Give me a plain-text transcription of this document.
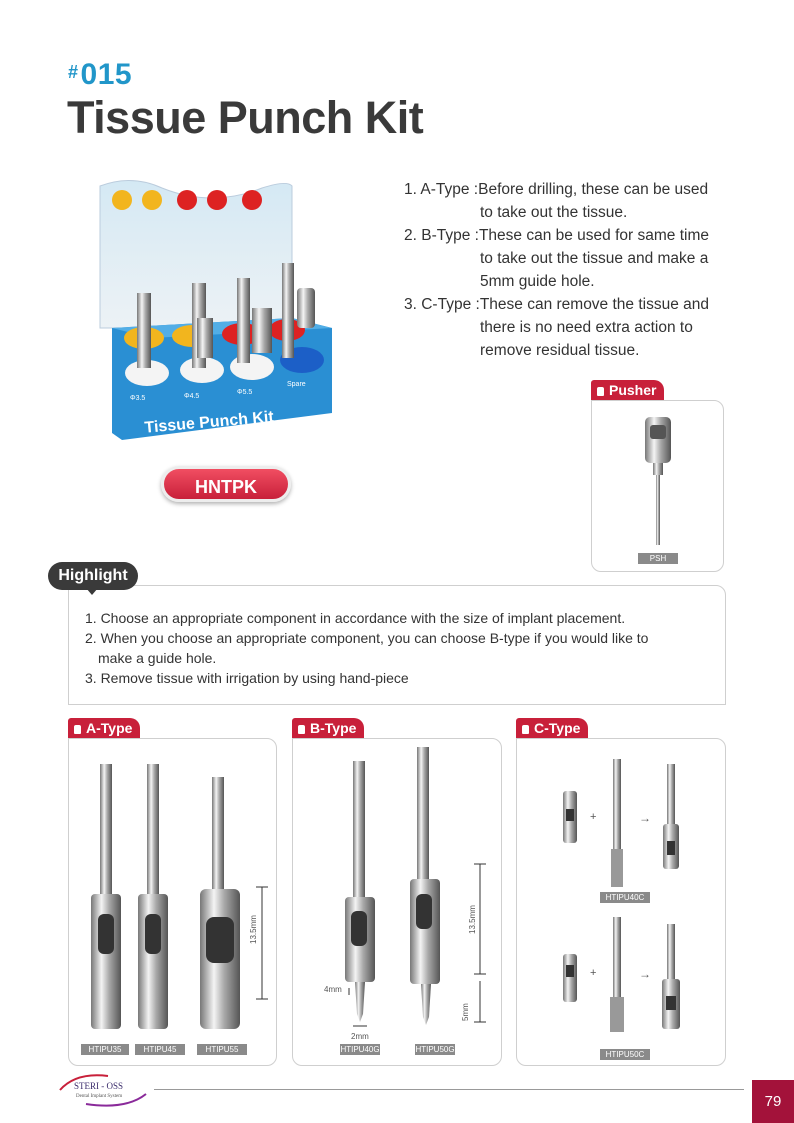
#015
Tissue Punch Kit
Tissue Punch Kit
Φ3.5	Φ4.5
Φ5.5
Spare
HNTPK
1. A-Type : Before drilling, these can be used
to take out the tissue.
2. B-Type : These can be used for same time
to take out the tissue and make a
5mm guide hole.
3. C-Type : These can remove the tissue and
there is no need extra action to
remove residual tissue.
Pusher
PSH
1. Choose an appropriate component in accordance with the size of implant placement.
2. When you choose an appropriate component, you can choose B-type if you would like to
make a guide hole.
3. Remove tissue with irrigation by using hand-piece
Highlight
A-Type
13.5mm
HTIPU35	HTIPU45	HTIPU55
B-Type
13.5mm
5mm
4mm
2mm
HTIPU40G	HTIPU50G
C-Type
+	→
+	→
HTIPU40C
HTIPU50C
STERI - OSS
Dental Implant System	79
